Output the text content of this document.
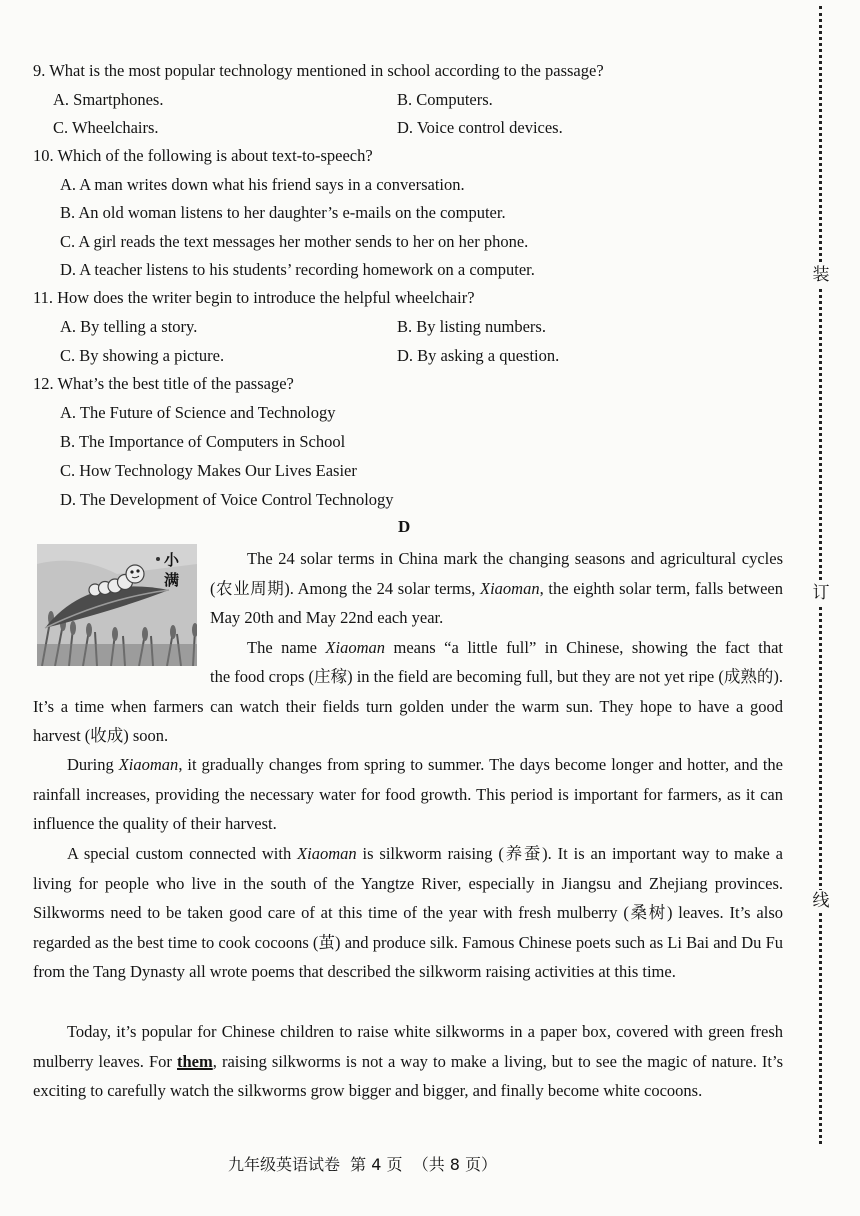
装
订
线
9. What is the most popular technology mentioned in school according to the passage?
A. Smartphones.	B. Computers.
C. Wheelchairs.	D. Voice control devices.
10. Which of the following is about text-to-speech?
A. A man writes down what his friend says in a conversation.
B. An old woman listens to her daughter’s e-mails on the computer.
C. A girl reads the text messages her mother sends to her on her phone.
D. A teacher listens to his students’ recording homework on a computer.
11. How does the writer begin to introduce the helpful wheelchair?
A. By telling a story.	B. By listing numbers.
C. By showing a picture.	D. By asking a question.
12. What’s the best title of the passage?
A. The Future of Science and Technology
B. The Importance of Computers in School
C. How Technology Makes Our Lives Easier
D. The Development of Voice Control Technology
D
小
满
The 24 solar terms in China mark the changing seasons and agricultural cycles (农业周期). Among the 24 solar terms, Xiaoman, the eighth solar term, falls between May 20th and May 22nd each year.
The name Xiaoman means “a little full” in Chinese, showing the fact that
the food crops (庄稼) in the field are becoming full, but they are not yet ripe (成熟的). It’s a time when farmers can watch their fields turn golden under the warm sun. They hope to have a good harvest (收成) soon.
During Xiaoman, it gradually changes from spring to summer. The days become longer and hotter, and the rainfall increases, providing the necessary water for food growth. This period is important for farmers, as it can influence the quality of their harvest.
A special custom connected with Xiaoman is silkworm raising (养蚕). It is an important way to make a living for people who live in the south of the Yangtze River, especially in Jiangsu and Zhejiang provinces. Silkworms need to be taken good care of at this time of the year with fresh mulberry (桑树) leaves. It’s also regarded as the best time to cook cocoons (茧) and produce silk. Famous Chinese poets such as Li Bai and Du Fu from the Tang Dynasty all wrote poems that described the silkworm raising activities at this time.
Today, it’s popular for Chinese children to raise white silkworms in a paper box, covered with green fresh mulberry leaves. For them, raising silkworms is not a way to make a living, but to see the magic of nature. It’s exciting to carefully watch the silkworms grow bigger and bigger, and finally become white cocoons.
九年级英语试卷  第 4 页  （共 8 页）
